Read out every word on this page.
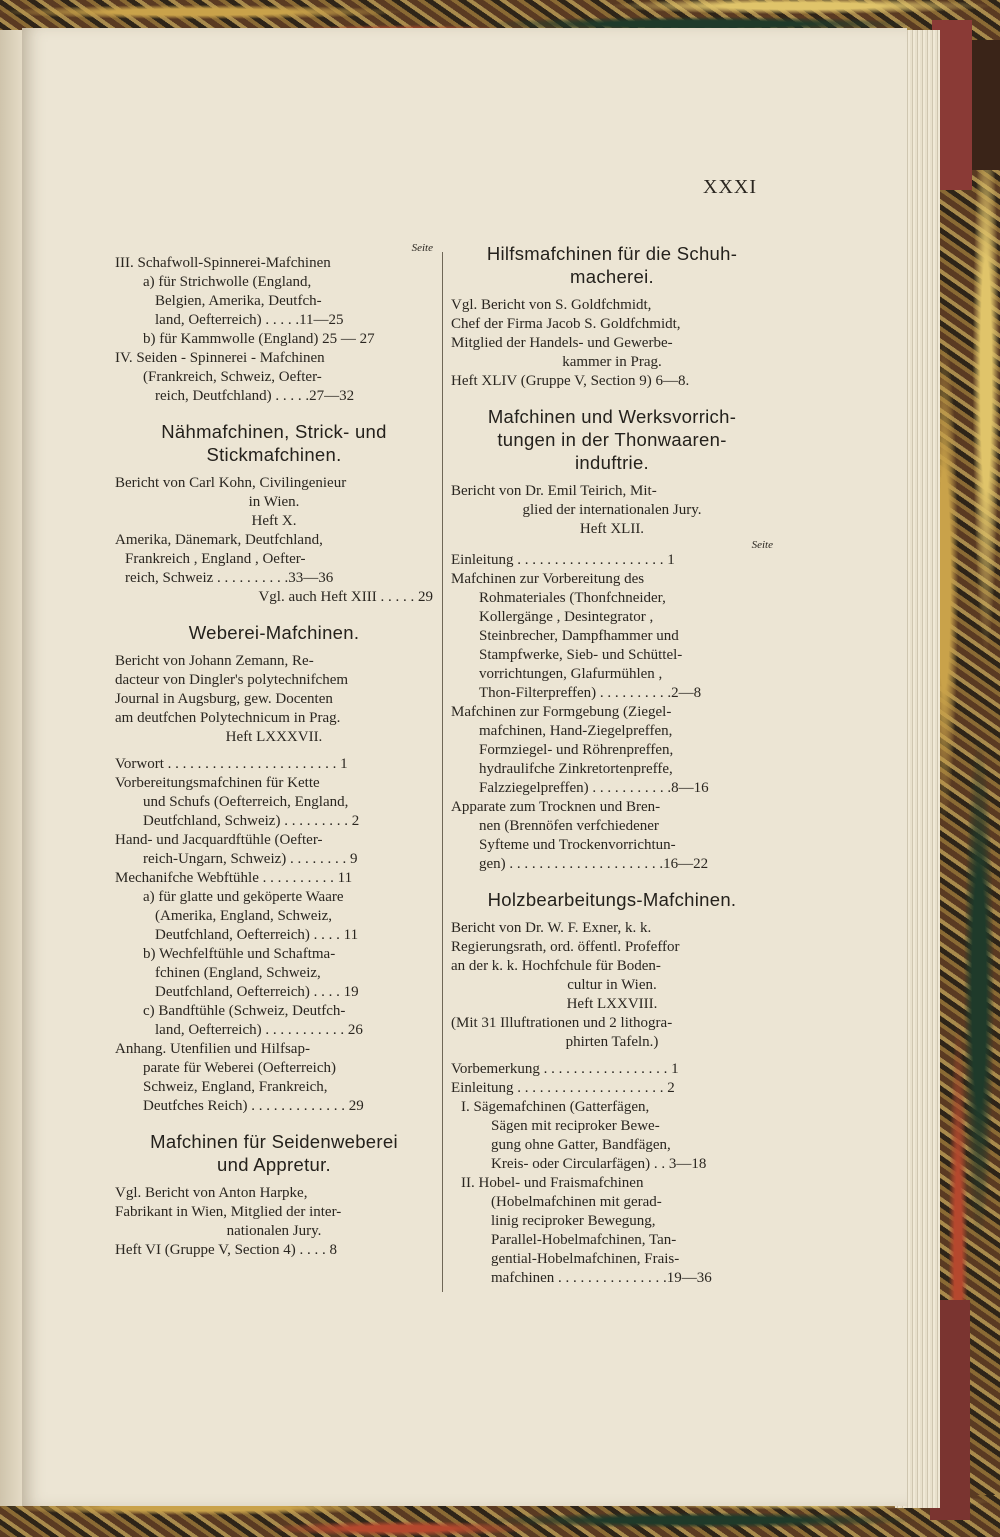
XXXI
Seite
III. Schafwoll-Spinnerei-Mafchinen
a) für Strichwolle (England,
Belgien, Amerika, Deutfch-
land, Oefterreich) . . . . .11—25
b) für Kammwolle (England) 25 — 27
IV. Seiden - Spinnerei - Mafchinen
(Frankreich, Schweiz, Oefter-
reich, Deutfchland) . . . . .27—32
Nähmafchinen, Strick- und
Stickmafchinen.
Bericht von Carl Kohn, Civilingenieur
in Wien.
Heft X.
Amerika, Dänemark, Deutfchland,
Frankreich , England , Oefter-
reich, Schweiz . . . . . . . . . .33—36
Vgl. auch Heft XIII . . . . . 29
Weberei-Mafchinen.
Bericht von Johann Zemann, Re-
dacteur von Dingler's polytechnifchem
Journal in Augsburg, gew. Docenten
am deutfchen Polytechnicum in Prag.
Heft LXXXVII.
Vorwort . . . . . . . . . . . . . . . . . . . . . . . 1
Vorbereitungsmafchinen für Kette
und Schufs (Oefterreich, England,
Deutfchland, Schweiz) . . . . . . . . . 2
Hand- und Jacquardftühle (Oefter-
reich-Ungarn, Schweiz) . . . . . . . . 9
Mechanifche Webftühle . . . . . . . . . . 11
a) für glatte und geköperte Waare
(Amerika, England, Schweiz,
Deutfchland, Oefterreich) . . . . 11
b) Wechfelftühle und Schaftma-
fchinen (England, Schweiz,
Deutfchland, Oefterreich) . . . . 19
c) Bandftühle (Schweiz, Deutfch-
land, Oefterreich) . . . . . . . . . . . 26
Anhang. Utenfilien und Hilfsap-
parate für Weberei (Oefterreich)
Schweiz, England, Frankreich,
Deutfches Reich) . . . . . . . . . . . . . 29
Mafchinen für Seidenweberei
und Appretur.
Vgl. Bericht von Anton Harpke,
Fabrikant in Wien, Mitglied der inter-
nationalen Jury.
Heft VI (Gruppe V, Section 4) . . . . 8
Hilfsmafchinen für die Schuh-
macherei.
Vgl. Bericht von S. Goldfchmidt,
Chef der Firma Jacob S. Goldfchmidt,
Mitglied der Handels- und Gewerbe-
kammer in Prag.
Heft XLIV (Gruppe V, Section 9) 6—8.
Mafchinen und Werksvorrich-
tungen in der Thonwaaren-
induftrie.
Bericht von Dr. Emil Teirich, Mit-
glied der internationalen Jury.
Heft XLII.
Seite
Einleitung . . . . . . . . . . . . . . . . . . . . 1
Mafchinen zur Vorbereitung des
Rohmateriales (Thonfchneider,
Kollergänge , Desintegrator ,
Steinbrecher, Dampfhammer und
Stampfwerke, Sieb- und Schüttel-
vorrichtungen, Glafurmühlen ,
Thon-Filterpreffen) . . . . . . . . . .2—8
Mafchinen zur Formgebung (Ziegel-
mafchinen, Hand-Ziegelpreffen,
Formziegel- und Röhrenpreffen,
hydraulifche Zinkretortenpreffe,
Falzziegelpreffen) . . . . . . . . . . .8—16
Apparate zum Trocknen und Bren-
nen (Brennöfen verfchiedener
Syfteme und Trockenvorrichtun-
gen) . . . . . . . . . . . . . . . . . . . . .16—22
Holzbearbeitungs-Mafchinen.
Bericht von Dr. W. F. Exner, k. k.
Regierungsrath, ord. öffentl. Profeffor
an der k. k. Hochfchule für Boden-
cultur in Wien.
Heft LXXVIII.
(Mit 31 Illuftrationen und 2 lithogra-
phirten Tafeln.)
Vorbemerkung . . . . . . . . . . . . . . . . . 1
Einleitung . . . . . . . . . . . . . . . . . . . . 2
I. Sägemafchinen (Gatterfägen,
Sägen mit reciproker Bewe-
gung ohne Gatter, Bandfägen,
Kreis- oder Circularfägen) . . 3—18
II. Hobel- und Fraismafchinen
(Hobelmafchinen mit gerad-
linig reciproker Bewegung,
Parallel-Hobelmafchinen, Tan-
gential-Hobelmafchinen, Frais-
mafchinen . . . . . . . . . . . . . . .19—36
